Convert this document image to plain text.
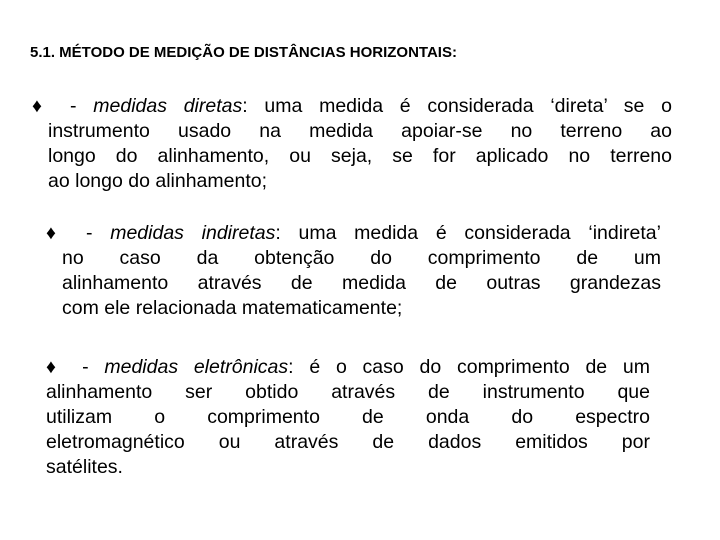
5.1. MÉTODO DE MEDIÇÃO DE DISTÂNCIAS HORIZONTAIS:
♦ - medidas diretas: uma medida é considerada ‘direta’ se o
instrumento usado na medida apoiar-se no terreno ao
longo do alinhamento, ou seja, se for aplicado no terreno
ao longo do alinhamento;
♦ - medidas indiretas: uma medida é considerada ‘indireta’
no caso da obtenção do comprimento de um
alinhamento através de medida de outras grandezas
com ele relacionada matematicamente;
♦ - medidas eletrônicas: é o caso do comprimento de um
alinhamento ser obtido através de instrumento que
utilizam o comprimento de onda do espectro
eletromagnético ou através de dados emitidos por
satélites.
